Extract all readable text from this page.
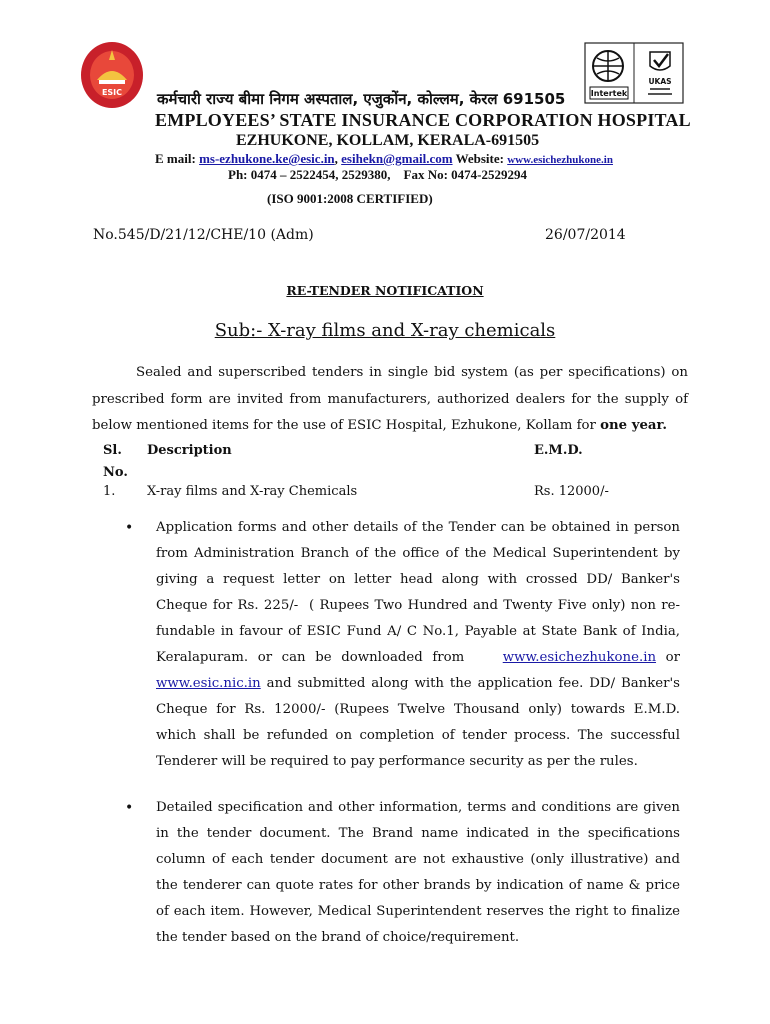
ESIC	Intertek
UKAS
कर्मचारी राज्य बीमा निगम अस्पताल, एजुकोंन, कोल्लम, केरल 691505
EMPLOYEES’ STATE INSURANCE CORPORATION HOSPITAL
EZHUKONE, KOLLAM, KERALA-691505
E mail: ms-ezhukone.ke@esic.in, esihekn@gmail.com Website: www.esichezhukone.in
Ph: 0474 – 2522454, 2529380,    Fax No: 0474-2529294
(ISO 9001:2008 CERTIFIED)
No.545/D/21/12/CHE/10 (Adm)	26/07/2014
RE-TENDER NOTIFICATION
Sub:- X-ray films and X-ray chemicals

Sealed and superscribed tenders in single bid system (as per specifications) on prescribed form are invited from manufacturers, authorized dealers for the supply of below mentioned items for the use of ESIC Hospital, Ezhukone, Kollam for one year.

Sl.
No.
Description	E.M.D.
1. X-ray films and X-ray Chemicals	Rs. 12000/-
• Application forms and other details of the Tender can be obtained in person from Administration Branch of the office of the Medical Superintendent by giving a request letter on letter head along with crossed DD/ Banker's Cheque for Rs. 225/-  ( Rupees Two Hundred and Twenty Five only) non re-fundable in favour of ESIC Fund A/ C No.1, Payable at State Bank of India, Keralapuram. or can be downloaded from    www.esichezhukone.in or www.esic.nic.in and submitted along with the application fee. DD/ Banker's Cheque for Rs. 12000/- (Rupees Twelve Thousand only) towards E.M.D. which shall be refunded on completion of tender process. The successful Tenderer will be required to pay performance security as per the rules.
• Detailed specification and other information, terms and conditions are given in the tender document. The Brand name indicated in the specifications column of each tender document are not exhaustive (only illustrative) and the tenderer can quote rates for other brands by indication of name & price of each item. However, Medical Superintendent reserves the right to finalize the tender based on the brand of choice/requirement.
